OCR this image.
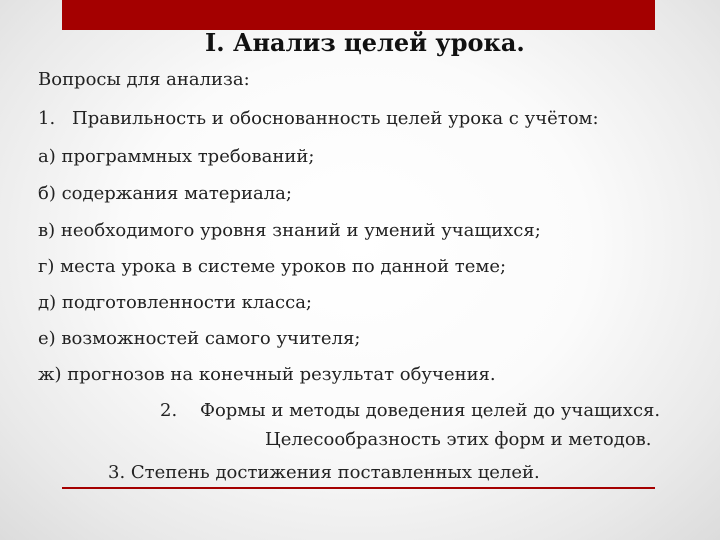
I. Анализ целей урока.
Вопросы для анализа:
1. Правильность и обоснованность целей урока с учётом:
а) программных требований;
б) содержания материала;
в) необходимого уровня знаний и умений учащихся;
г) места урока в системе уроков по данной теме;
д) подготовленности класса;
е) возможностей самого учителя;
ж) прогнозов на конечный результат обучения.
2. Формы и методы доведения целей до учащихся.
Целесообразность этих форм и методов.
3. Степень достижения поставленных целей.
